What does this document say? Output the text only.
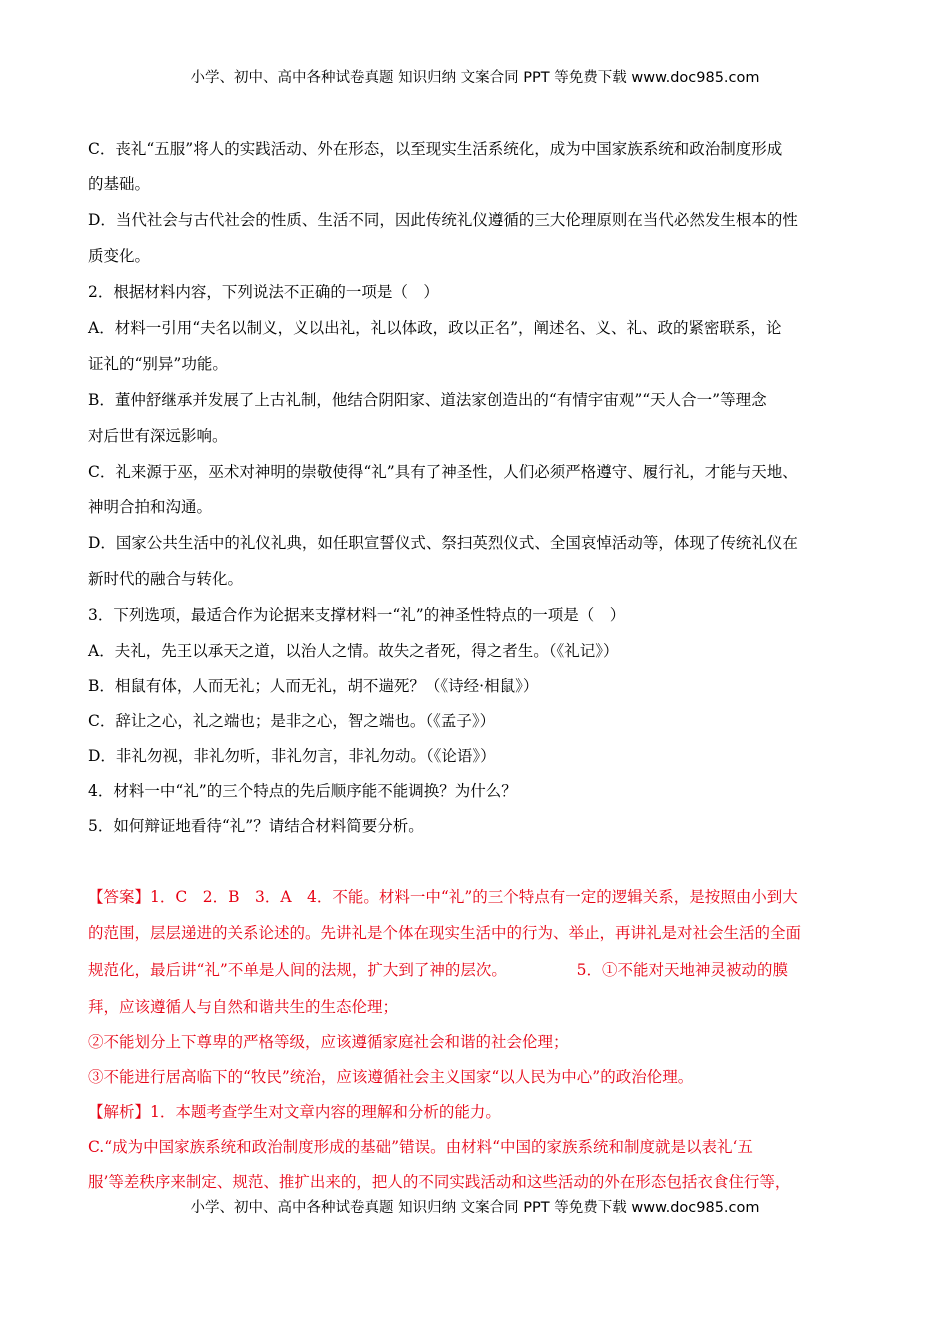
小学、初中、高中各种试卷真题 知识归纳 文案合同 PPT 等免费下载 www.doc985.com
C．丧礼“五服”将人的实践活动、外在形态，以至现实生活系统化，成为中国家族系统和政治制度形成
的基础。
D．当代社会与古代社会的性质、生活不同，因此传统礼仪遵循的三大伦理原则在当代必然发生根本的性
质变化。
2．根据材料内容，下列说法不正确的一项是（　）
A．材料一引用“夫名以制义，义以出礼，礼以体政，政以正名”，阐述名、义、礼、政的紧密联系，论
证礼的“别异”功能。
B．董仲舒继承并发展了上古礼制，他结合阴阳家、道法家创造出的“有情宇宙观”“天人合一”等理念
对后世有深远影响。
C．礼来源于巫，巫术对神明的崇敬使得“礼”具有了神圣性，人们必须严格遵守、履行礼，才能与天地、
神明合拍和沟通。
D．国家公共生活中的礼仪礼典，如任职宣誓仪式、祭扫英烈仪式、全国哀悼活动等，体现了传统礼仪在
新时代的融合与转化。
3．下列选项，最适合作为论据来支撑材料一“礼”的神圣性特点的一项是（　）
A．夫礼，先王以承天之道，以治人之情。故失之者死，得之者生。（《礼记》）
B．相鼠有体，人而无礼；人而无礼，胡不遄死？（《诗经·相鼠》）
C．辞让之心，礼之端也；是非之心，智之端也。（《孟子》）
D．非礼勿视，非礼勿听，非礼勿言，非礼勿动。（《论语》）
4．材料一中“礼”的三个特点的先后顺序能不能调换？为什么？
5．如何辩证地看待“礼”？请结合材料简要分析。
【答案】1．C　2．B　3．A　4．不能。材料一中“礼”的三个特点有一定的逻辑关系，是按照由小到大
的范围，层层递进的关系论述的。先讲礼是个体在现实生活中的行为、举止，再讲礼是对社会生活的全面
规范化，最后讲“礼”不单是人间的法规，扩大到了神的层次。　　　　　5．①不能对天地神灵被动的膜
拜，应该遵循人与自然和谐共生的生态伦理；
②不能划分上下尊卑的严格等级，应该遵循家庭社会和谐的社会伦理；
③不能进行居高临下的“牧民”统治，应该遵循社会主义国家“以人民为中心”的政治伦理。
【解析】1．本题考查学生对文章内容的理解和分析的能力。
C.“成为中国家族系统和政治制度形成的基础”错误。由材料“中国的家族系统和制度就是以表礼‘五
服’等差秩序来制定、规范、推扩出来的，把人的不同实践活动和这些活动的外在形态包括衣食住行等，
小学、初中、高中各种试卷真题 知识归纳 文案合同 PPT 等免费下载 www.doc985.com
